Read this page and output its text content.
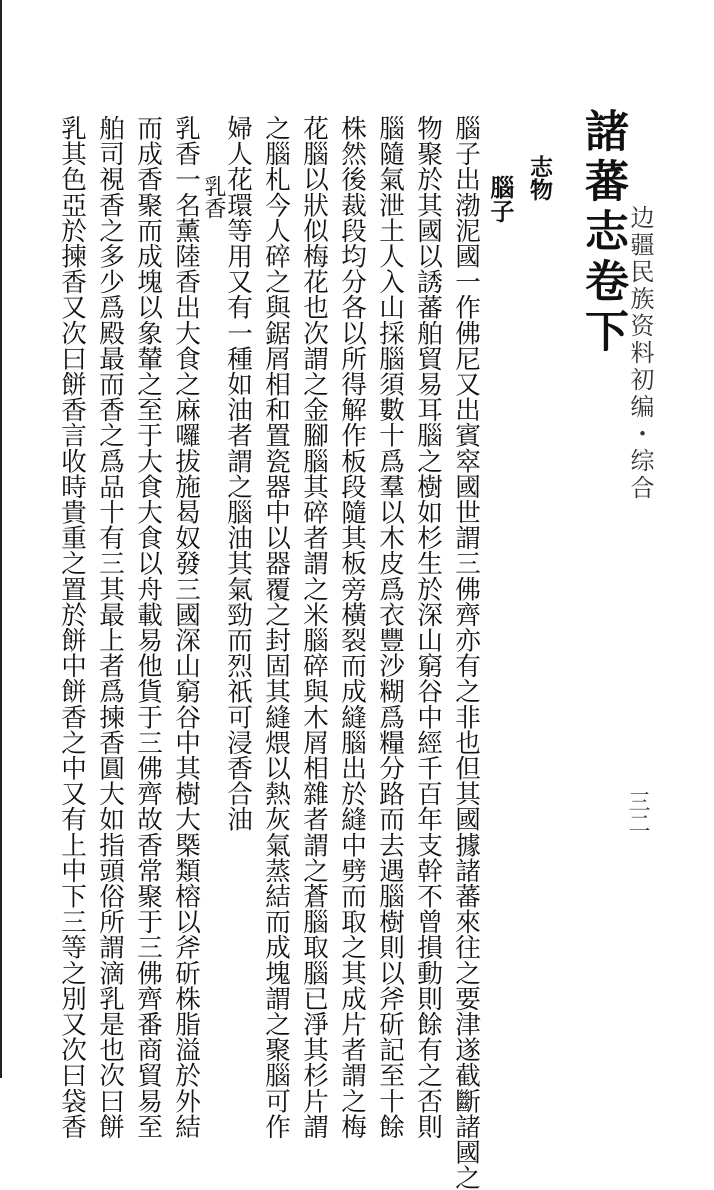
边疆民族资料初编・综合
三二
諸蕃志卷下
志物
腦子
腦子出渤泥國一作佛尼又出賓窣國世謂三佛齊亦有之非也但其國據諸蕃來往之要津遂截斷諸國之
物聚於其國以誘蕃舶貿易耳腦之樹如杉生於深山窮谷中經千百年支幹不曾損動則餘有之否則
腦隨氣泄土人入山採腦須數十爲羣以木皮爲衣豐沙糊爲糧分路而去遇腦樹則以斧斫記至十餘
株然後裁段均分各以所得解作板段隨其板旁橫裂而成縫腦出於縫中劈而取之其成片者謂之梅
花腦以狀似梅花也次謂之金腳腦其碎者謂之米腦碎與木屑相雜者謂之蒼腦取腦已淨其杉片謂
之腦札今人碎之與鋸屑相和置瓷器中以器覆之封固其縫煨以熱灰氣蒸結而成塊謂之聚腦可作
婦人花環等用又有一種如油者謂之腦油其氣勁而烈祇可浸香合油
乳香
乳香一名薰陸香出大食之麻囉拔施曷奴發三國深山窮谷中其樹大槩類榕以斧斫株脂溢於外結
而成香聚而成塊以象輦之至于大食大食以舟載易他貨于三佛齊故香常聚于三佛齊番商貿易至
舶司視香之多少爲殿最而香之爲品十有三其最上者爲揀香圓大如指頭俗所謂滴乳是也次曰餅
乳其色亞於揀香又次曰餅香言收時貴重之置於餅中餅香之中又有上中下三等之別又次曰袋香
